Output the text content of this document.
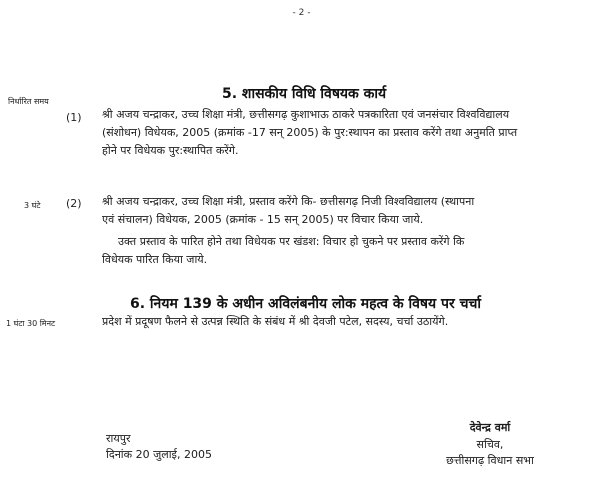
- 2 -
5. शासकीय विधि विषयक कार्य
निर्धारित समय
(1) श्री अजय चन्द्राकर, उच्च शिक्षा मंत्री, छत्तीसगढ़ कुशाभाऊ ठाकरे पत्रकारिता एवं जनसंचार विश्वविद्यालय
(संशोधन) विधेयक, 2005 (क्रमांक -17 सन् 2005) के पुर:स्थापन का प्रस्ताव करेंगे तथा अनुमति प्राप्त
होने पर विधेयक पुर:स्थापित करेंगे.
3 घंटे (2) श्री अजय चन्द्राकर, उच्च शिक्षा मंत्री, प्रस्ताव करेंगे कि- छत्तीसगढ़ निजी विश्वविद्यालय (स्थापना
एवं संचालन) विधेयक, 2005 (क्रमांक - 15 सन् 2005) पर विचार किया जाये.
उक्त प्रस्ताव के पारित होने तथा विधेयक पर खंडश: विचार हो चुकने पर प्रस्ताव करेंगे कि
विधेयक पारित किया जाये.
6. नियम 139 के अधीन अविलंबनीय लोक महत्व के विषय पर चर्चा
1 घंटा 30 मिनट	प्रदेश में प्रदूषण फैलने से उत्पन्न स्थिति के संबंध में श्री देवजी पटेल, सदस्य, चर्चा उठायेंगे.
रायपुर
दिनांक 20 जुलाई, 2005
देवेन्द्र वर्मा
सचिव,
छत्तीसगढ़ विधान सभा
